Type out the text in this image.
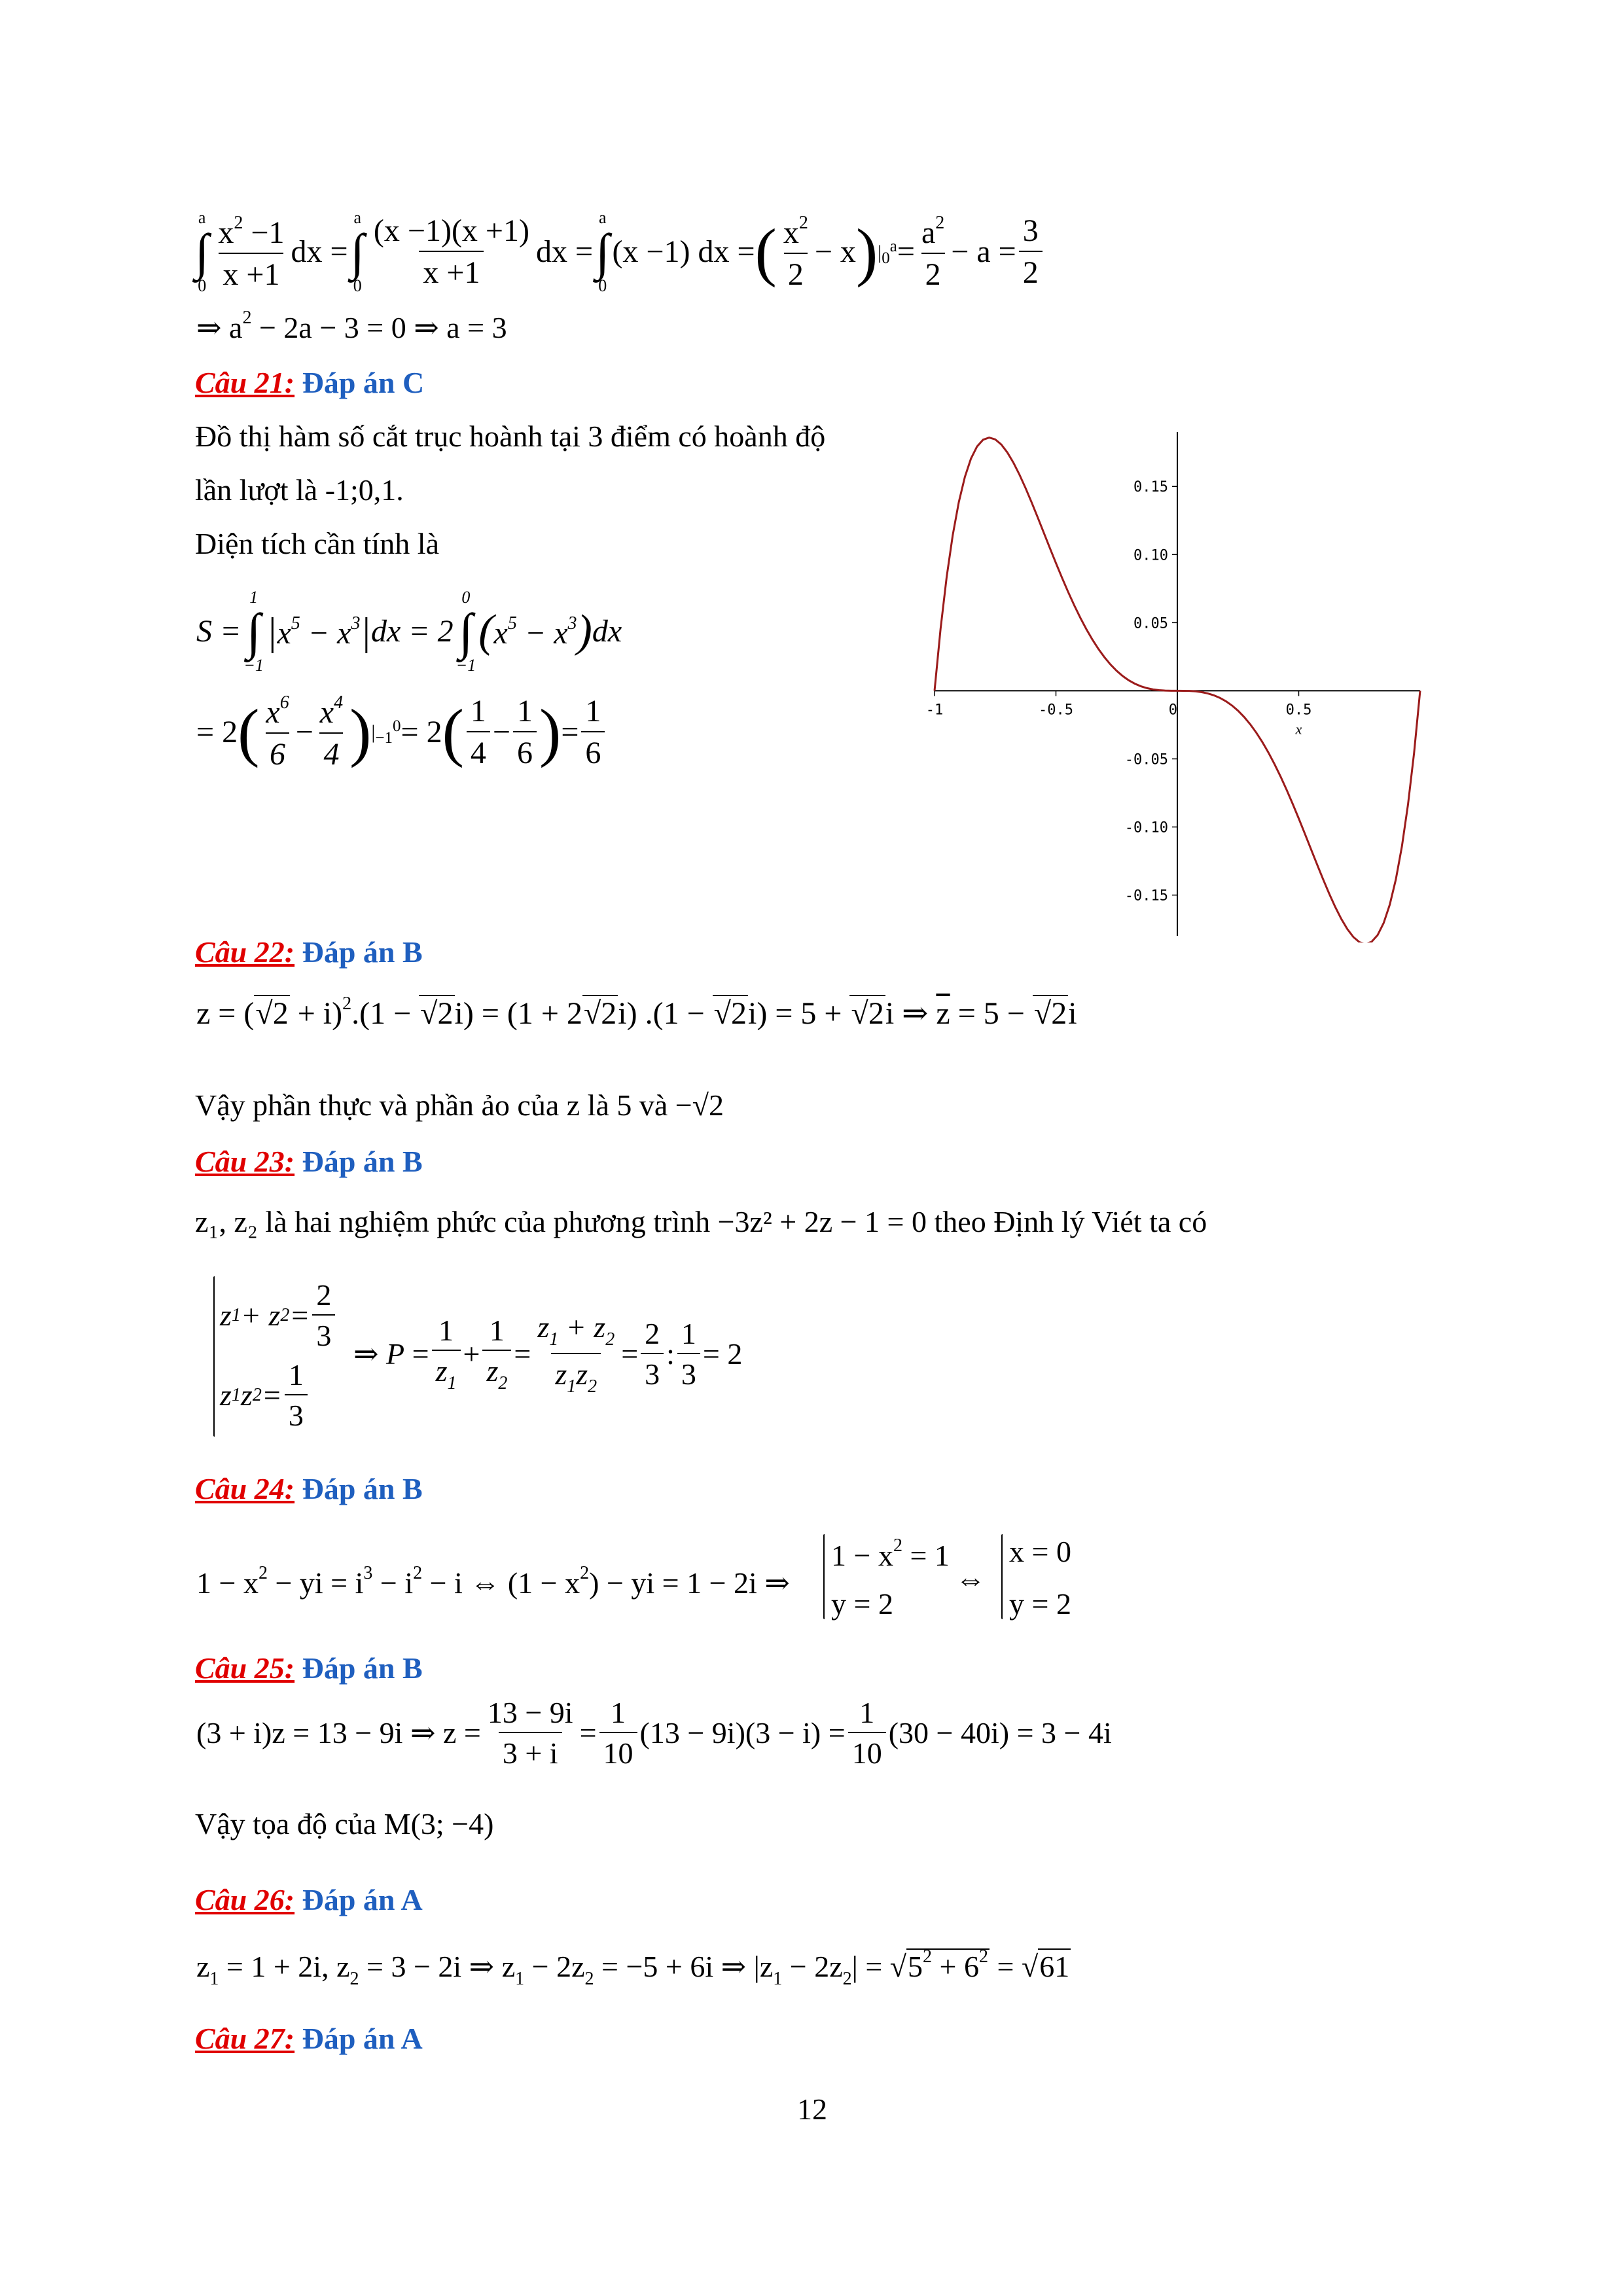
a
∫
$0 \frac{x^2 -1}{x +1}$ dx =
a
∫
$0 \frac{(x -1)(x +1)}{x +1}$ dx =
a
∫
0
(x −1) dx = ( $\frac{x^2}{2} - x$ ) $|_0^a = \frac{a^2}{2} - a = \frac{3}{2}$
⇒ $a^2 - 2a - 3 = 0$ ⇒ a = 3
Câu 21: Đáp án C
Đồ thị hàm số cắt trục hoành tại 3 điểm có hoành độ
lần lượt là -1;0,1.
Diện tích cần tính là
S =
1
∫
−1
| $x^5 - x^3$ | dx = 2
0
∫
−1
( $x^5 - x^3$ ) dx
= 2 ( $\frac{x^6}{6} - \frac{x^4}{4}$ ) $|_{-1}^0 = 2$ ( $\frac{1}{4} - \frac{1}{6}$ ) = $\frac{1}{6}$	-1	-0.5	0	0.5
x
0.15
0.10
0.05
-0.05
-0.10
-0.15
Câu 22: Đáp án B
$z = (√2 + i)^2.(1 - √2i) = (1 + 2√2i)$ .(1 − √2i) = 5 + √2i ⇒ $\overline{z} = 5 - √2i$
Vậy phần thực và phần ảo của z là 5 và −√2
Câu 23: Đáp án B
z₁, z₂ là hai nghiệm phức của phương trình −3z² + 2z − 1 = 0 theo Định lý Viét ta có
z 1 + z $2 = \frac{2}{3}$
z 1 z $2 = \frac{1}{3}$
⇒ $P = \frac{1}{z_1} + \frac{1}{z_2} = \frac{z_1 + z_2}{z_1z_2} = \frac{2}{3}$ : $\frac{1}{3} = 2$
Câu 24: Đáp án B
$1 - x^2$ − yi = $i^3 - i^2 - i$ ⇔ $(1 - x^2)$ − yi = 1 − 2i ⇒
$1 - x^2 = 1$
y = 2
⇔
x = 0
y = 2
Câu 25: Đáp án B
(3 + i)z = 13 − 9i ⇒ $z = \frac{13 - 9i}{3 + i} = \frac{1}{10} (13 - 9i)(3 - i) = \frac{1}{10} (30 - 40i) = 3 - 4i$
Vậy tọa độ của M(3; −4)
Câu 26: Đáp án A
$z_1 = 1 + 2i$, $z_2 = 3 - 2i$ ⇒ $z_1 - 2z_2 = -5 + 6i$ ⇒ $|z_1 - 2z_2| = √5^2 + 6^2 = √61$
Câu 27: Đáp án A
12
